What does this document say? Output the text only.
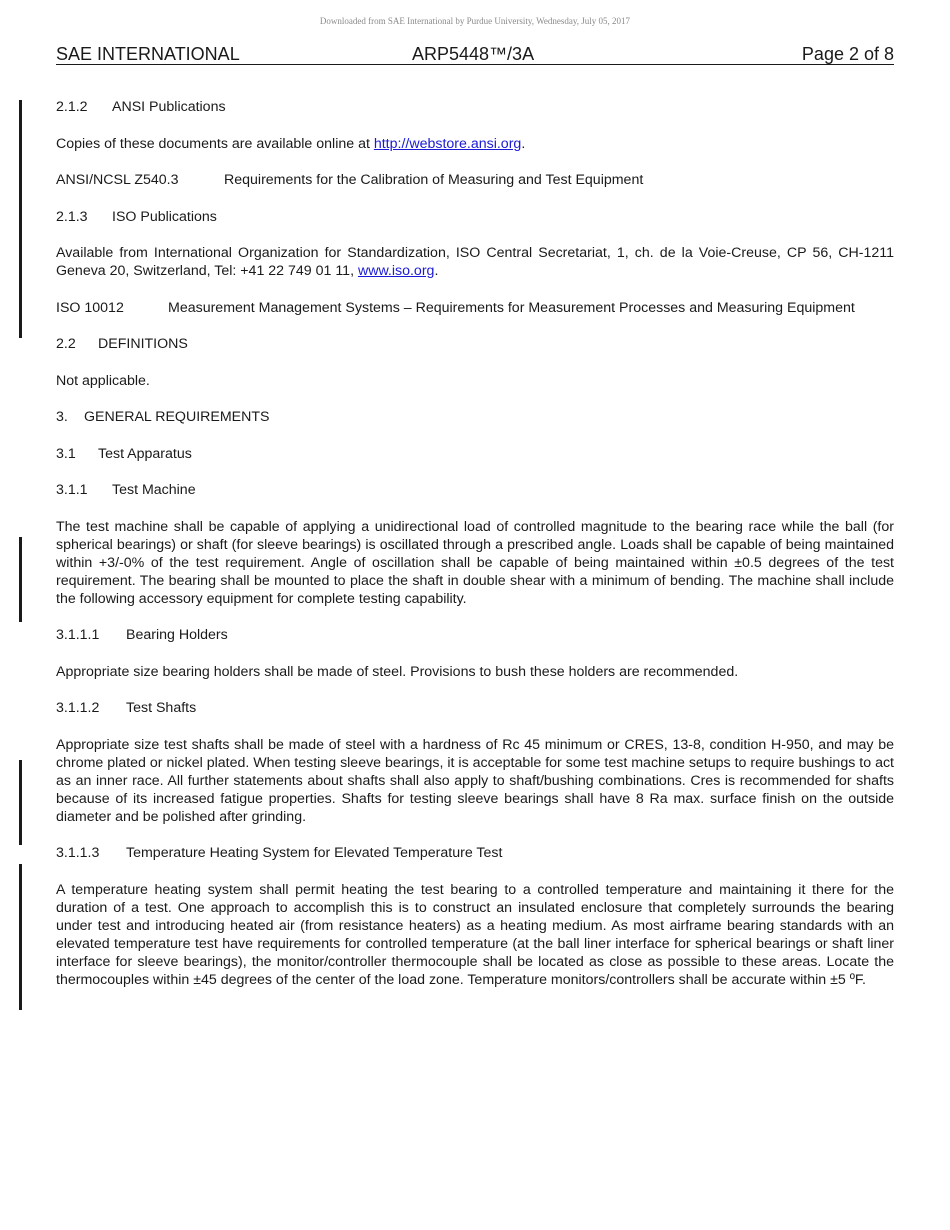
Downloaded from SAE International by Purdue University, Wednesday, July 05, 2017
SAE INTERNATIONAL	ARP5448™/3A	Page 2 of 8

2.1.2 ANSI Publications

Copies of these documents are available online at http://webstore.ansi.org.

ANSI/NCSL Z540.3	Requirements for the Calibration of Measuring and Test Equipment

2.1.3 ISO Publications

Available from International Organization for Standardization, ISO Central Secretariat, 1, ch. de la Voie-Creuse, CP 56, CH-1211 Geneva 20, Switzerland, Tel: +41 22 749 01 11, www.iso.org.

ISO 10012	Measurement Management Systems – Requirements for Measurement Processes and Measuring Equipment

2.2 DEFINITIONS

Not applicable.

3. GENERAL REQUIREMENTS

3.1 Test Apparatus

3.1.1 Test Machine

The test machine shall be capable of applying a unidirectional load of controlled magnitude to the bearing race while the ball (for spherical bearings) or shaft (for sleeve bearings) is oscillated through a prescribed angle. Loads shall be capable of being maintained within +3/-0% of the test requirement. Angle of oscillation shall be capable of being maintained within ±0.5 degrees of the test requirement. The bearing shall be mounted to place the shaft in double shear with a minimum of bending. The machine shall include the following accessory equipment for complete testing capability.

3.1.1.1 Bearing Holders

Appropriate size bearing holders shall be made of steel. Provisions to bush these holders are recommended.

3.1.1.2 Test Shafts

Appropriate size test shafts shall be made of steel with a hardness of Rc 45 minimum or CRES, 13-8, condition H-950, and may be chrome plated or nickel plated. When testing sleeve bearings, it is acceptable for some test machine setups to require bushings to act as an inner race. All further statements about shafts shall also apply to shaft/bushing combinations. Cres is recommended for shafts because of its increased fatigue properties. Shafts for testing sleeve bearings shall have 8 Ra max. surface finish on the outside diameter and be polished after grinding.

3.1.1.3 Temperature Heating System for Elevated Temperature Test

A temperature heating system shall permit heating the test bearing to a controlled temperature and maintaining it there for the duration of a test. One approach to accomplish this is to construct an insulated enclosure that completely surrounds the bearing under test and introducing heated air (from resistance heaters) as a heating medium. As most airframe bearing standards with an elevated temperature test have requirements for controlled temperature (at the ball liner interface for spherical bearings or shaft liner interface for sleeve bearings), the monitor/controller thermocouple shall be located as close as possible to these areas. Locate the thermocouples within ±45 degrees of the center of the load zone. Temperature monitors/controllers shall be accurate within ±5 ºF.
